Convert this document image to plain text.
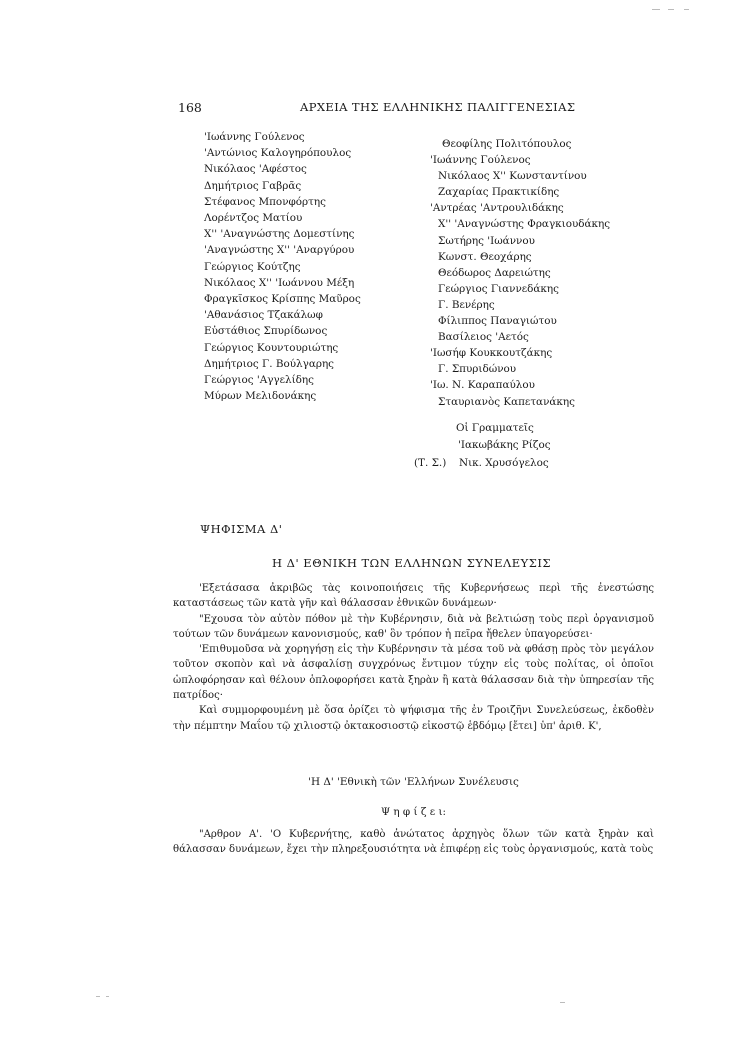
168	ΑΡΧΕΙΑ ΤΗΣ ΕΛΛΗΝΙΚΗΣ ΠΑΛΙΓΓΕΝΕΣΙΑΣ
'Ιωάννης Γούλενος
'Αντώνιος Καλογηρόπουλος
Νικόλαος 'Αφέστος
Δημήτριος Γαβρᾶς
Στέφανος Μπονφόρτης
Λορέντζος Ματίου
Χ'' 'Αναγνώστης Δομεστίνης
'Αναγνώστης Χ'' 'Αναργύρου
Γεώργιος Κούτζης
Νικόλαος Χ'' 'Ιωάννου Μέξη
Φραγκῖσκος Κρίσπης Μαῦρος
'Αθανάσιος Τζακάλωφ
Εὐστάθιος Σπυρίδωνος
Γεώργιος Κουντουριώτης
Δημήτριος Γ. Βούλγαρης
Γεώργιος 'Αγγελίδης
Μύρων Μελιδονάκης
Θεοφίλης Πολιτόπουλος
'Ιωάννης Γούλενος
Νικόλαος Χ'' Κωνσταντίνου
Ζαχαρίας Πρακτικίδης
'Αντρέας 'Αντρουλιδάκης
Χ'' 'Αναγνώστης Φραγκιουδάκης
Σωτήρης 'Ιωάννου
Κωνστ. Θεοχάρης
Θεόδωρος Δαρειώτης
Γεώργιος Γιαννεδάκης
Γ. Βενέρης
Φίλιππος Παναγιώτου
Βασίλειος 'Αετός
'Ιωσήφ Κουκκουτζάκης
Γ. Σπυριδώνου
'Ιω. Ν. Καραπαύλου
Σταυριανὸς Καπετανάκης
Οἱ Γραμματεῖς
'Ιακωβάκης Ρίζος
(Τ. Σ.) Νικ. Χρυσόγελος
ΨΗΦΙΣΜΑ Δ'
Η Δ' ΕΘΝΙΚΗ ΤΩΝ ΕΛΛΗΝΩΝ ΣΥΝΕΛΕΥΣΙΣ

'Εξετάσασα ἀκριβῶς τὰς κοινοποιήσεις τῆς Κυβερνήσεως περὶ τῆς ἐνεστώσης καταστάσεως τῶν κατὰ γῆν καὶ θάλασσαν ἐθνικῶν δυνάμεων·

"Εχουσα τὸν αὐτὸν πόθον μὲ τὴν Κυβέρνησιν, διὰ νὰ βελτιώσῃ τοὺς περὶ ὀργανισμοῦ τούτων τῶν δυνάμεων κανονισμούς, καθ' ὃν τρόπον ἡ πεῖρα ἤθελεν ὑπαγορεύσει·

'Επιθυμοῦσα νὰ χορηγήσῃ εἰς τὴν Κυβέρνησιν τὰ μέσα τοῦ νὰ φθάσῃ πρὸς τὸν μεγάλον τοῦτον σκοπὸν καὶ νὰ ἀσφαλίσῃ συγχρόνως ἔντιμον τύχην εἰς τοὺς πολίτας, οἱ ὁποῖοι ὡπλοφόρησαν καὶ θέλουν ὁπλοφορήσει κατὰ ξηρὰν ἢ κατὰ θάλασσαν διὰ τὴν ὑπηρεσίαν τῆς πατρίδος·

Καὶ συμμορφουμένη μὲ ὅσα ὁρίζει τὸ ψήφισμα τῆς ἐν Τροιζῆνι Συνελεύσεως, ἐκδοθὲν τὴν πέμπτην Μαΐου τῷ χιλιοστῷ ὀκτακοσιοστῷ εἰκοστῷ ἑβδόμῳ [ἔτει] ὑπ' ἀριθ. Κ',

'Η Δ' 'Εθνικὴ τῶν 'Ελλήνων Συνέλευσις
Ψ η φ ί ζ ε ι:

"Αρθρον Α'. 'Ο Κυβερνήτης, καθὸ ἀνώτατος ἀρχηγὸς ὅλων τῶν κατὰ ξηρὰν καὶ θάλασσαν δυνάμεων, ἔχει τὴν πληρεξουσιότητα νὰ ἐπιφέρῃ εἰς τοὺς ὀργανισμούς, κατὰ τοὺς
